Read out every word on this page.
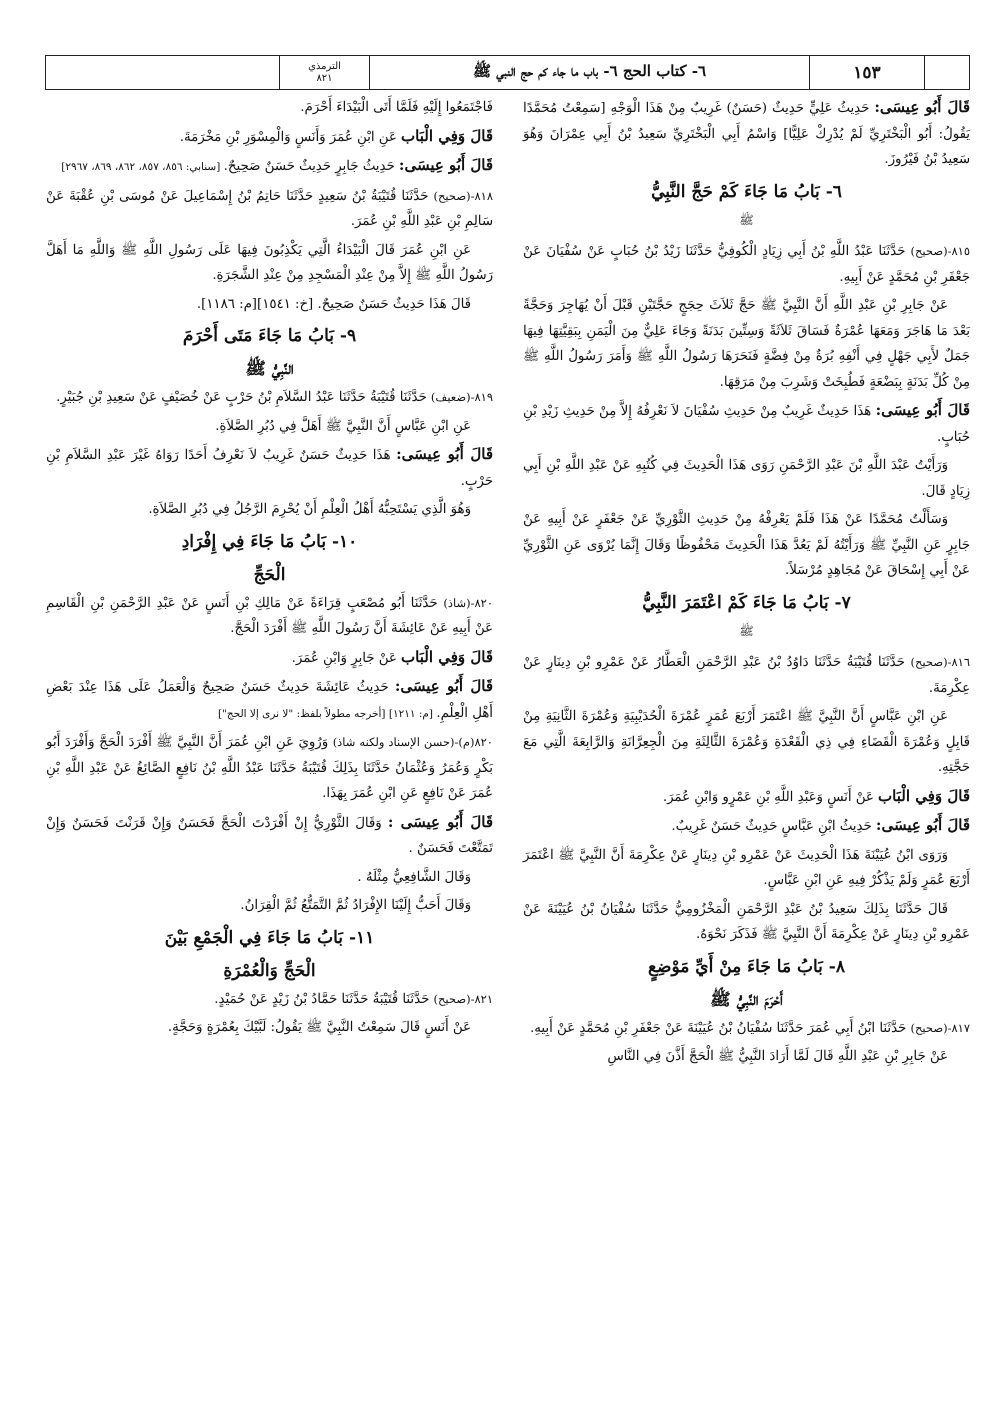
١٥٣
٦- كتاب الحج ٦- باب ما جاء كم حج النبي ﷺ
الترمذي
٨٢١
قَالَ أَبُو عِيسَى: حَدِيثُ عَلِيٍّ حَدِيثٌ (حَسَنٌ) غَرِيبٌ مِنْ هَذَا الْوَجْهِ [سَمِعْتُ مُحَمَّدًا يَقُولُ: أَبُو الْبَخْتَرِيِّ لَمْ يُدْرِكْ عَلِيًّا] وَاسْمُ أَبِي الْبَخْتَرِيِّ سَعِيدُ بْنُ أَبِي عِمْرَانَ وَهُوَ سَعِيدُ بْنُ فَيْرُوزَ.
٦- بَابُ مَا جَاءَ كَمْ حَجَّ النَّبِيُّ
ﷺ
٨١٥-(صحيح) حَدَّثَنَا عَبْدُ اللَّهِ بْنُ أَبِي زِيَادٍ الْكُوفِيُّ حَدَّثَنَا زَيْدُ بْنُ حُبَابٍ عَنْ سُفْيَانَ عَنْ جَعْفَرِ بْنِ مُحَمَّدٍ عَنْ أَبِيهِ.
عَنْ جَابِرِ بْنِ عَبْدِ اللَّهِ أَنَّ النَّبِيَّ ﷺ حَجَّ ثَلاَثَ حِجَجٍ حَجَّتَيْنِ قَبْلَ أَنْ يُهَاجِرَ وَحَجَّةً بَعْدَ مَا هَاجَرَ وَمَعَهَا عُمْرَةٌ فَسَاقَ ثَلاَثَةً وَسِتِّينَ بَدَنَةً وَجَاءَ عَلِيٌّ مِنَ الْيَمَنِ بِبَقِيَّتِهَا فِيهَا جَمَلٌ لأَبِي جَهْلٍ فِي أَنْفِهِ بُرَةٌ مِنْ فِضَّةٍ فَنَحَرَهَا رَسُولُ اللَّهِ ﷺ وَأَمَرَ رَسُولُ اللَّهِ ﷺ مِنْ كُلِّ بَدَنَةٍ بِبَضْعَةٍ فَطُبِخَتْ وَشَرِبَ مِنْ مَرَقِهَا.
قَالَ أَبُو عِيسَى: هَذَا حَدِيثٌ غَرِيبٌ مِنْ حَدِيثِ سُفْيَانَ لاَ نَعْرِفُهُ إِلاَّ مِنْ حَدِيثِ زَيْدِ بْنِ حُبَابٍ.
وَرَأَيْتُ عَبْدَ اللَّهِ بْنَ عَبْدِ الرَّحْمَنِ رَوَى هَذَا الْحَدِيثَ فِي كُتُبِهِ عَنْ عَبْدِ اللَّهِ بْنِ أَبِي زِيَادٍ قَالَ.
وَسَأَلْتُ مُحَمَّدًا عَنْ هَذَا فَلَمْ يَعْرِفْهُ مِنْ حَدِيثِ الثَّوْرِيِّ عَنْ جَعْفَرٍ عَنْ أَبِيهِ عَنْ جَابِرٍ عَنِ النَّبِيِّ ﷺ وَرَأَيْتُهُ لَمْ يَعُدَّ هَذَا الْحَدِيثَ مَحْفُوظًا وَقَالَ إِنَّمَا يُرْوَى عَنِ الثَّوْرِيِّ عَنْ أَبِي إِسْحَاقَ عَنْ مُجَاهِدٍ مُرْسَلاً.
٧- بَابُ مَا جَاءَ كَمْ اعْتَمَرَ النَّبِيُّ
ﷺ
٨١٦-(صحيح) حَدَّثَنَا قُتَيْبَةُ حَدَّثَنَا دَاوُدُ بْنُ عَبْدِ الرَّحْمَنِ الْعَطَّارُ عَنْ عَمْرِو بْنِ دِينَارٍ عَنْ عِكْرِمَةَ.
عَنِ ابْنِ عَبَّاسٍ أَنَّ النَّبِيَّ ﷺ اعْتَمَرَ أَرْبَعَ عُمَرٍ عُمْرَةَ الْحُدَيْبِيَةِ وَعُمْرَةَ الثَّانِيَةِ مِنْ قَابِلٍ وَعُمْرَةَ الْقَضَاءِ فِي ذِي الْقَعْدَةِ وَعُمْرَةَ الثَّالِثَةِ مِنَ الْجِعِرَّانَةِ وَالرَّابِعَةَ الَّتِي مَعَ حَجَّتِهِ.
قَالَ وَفِي الْبَاب عَنْ أَنَسٍ وَعَبْدِ اللَّهِ بْنِ عَمْرٍو وَابْنِ عُمَرَ.
قَالَ أَبُو عِيسَى: حَدِيثُ ابْنِ عَبَّاسٍ حَدِيثٌ حَسَنٌ غَرِيبٌ.
وَرَوَى ابْنُ عُيَيْنَةَ هَذَا الْحَدِيثَ عَنْ عَمْرِو بْنِ دِينَارٍ عَنْ عِكْرِمَةَ أَنَّ النَّبِيَّ ﷺ اعْتَمَرَ أَرْبَعَ عُمَرٍ وَلَمْ يَذْكُرْ فِيهِ عَنِ ابْنِ عَبَّاسٍ.
قَالَ حَدَّثَنَا بِذَلِكَ سَعِيدُ بْنُ عَبْدِ الرَّحْمَنِ الْمَخْزُومِيُّ حَدَّثَنَا سُفْيَانُ بْنُ عُيَيْنَةَ عَنْ عَمْرِو بْنِ دِينَارٍ عَنْ عِكْرِمَةَ أَنَّ النَّبِيَّ ﷺ فَذَكَرَ نَحْوَهُ.
٨- بَابُ مَا جَاءَ مِنْ أَيِّ مَوْضِعٍ
أَحْرَمَ النَّبِيُّ ﷺ
٨١٧-(صحيح) حَدَّثَنَا ابْنُ أَبِي عُمَرَ حَدَّثَنَا سُفْيَانُ بْنُ عُيَيْنَةَ عَنْ جَعْفَرِ بْنِ مُحَمَّدٍ عَنْ أَبِيهِ.
عَنْ جَابِرِ بْنِ عَبْدِ اللَّهِ قَالَ لَمَّا أَرَادَ النَّبِيُّ ﷺ الْحَجَّ أَذَّنَ فِي النَّاسِ
فَاجْتَمَعُوا إِلَيْهِ فَلَمَّا أَتَى الْبَيْدَاءَ أَحْرَمَ.
قَالَ وَفِي الْبَاب عَنِ ابْنِ عُمَرَ وَأَنَسٍ وَالْمِسْوَرِ بْنِ مَخْرَمَةَ.
قَالَ أَبُو عِيسَى: حَدِيثُ جَابِرٍ حَدِيثٌ حَسَنٌ صَحِيحٌ. [سنابي: ٨٥٦، ٨٥٧، ٨٦٢، ٨٦٩، ٢٩٦٧]
٨١٨-(صحيح) حَدَّثَنَا قُتَيْبَةُ بْنُ سَعِيدٍ حَدَّثَنَا حَاتِمُ بْنُ إِسْمَاعِيلَ عَنْ مُوسَى بْنِ عُقْبَةَ عَنْ سَالِمِ بْنِ عَبْدِ اللَّهِ بْنِ عُمَرَ.
عَنِ ابْنِ عُمَرَ قَالَ الْبَيْدَاءُ الَّتِي يَكْذِبُونَ فِيهَا عَلَى رَسُولِ اللَّهِ ﷺ وَاللَّهِ مَا أَهَلَّ رَسُولُ اللَّهِ ﷺ إِلاَّ مِنْ عِنْدِ الْمَسْجِدِ مِنْ عِنْدِ الشَّجَرَةِ.
قَالَ هَذَا حَدِيثٌ حَسَنٌ صَحِيحٌ. [خ: ١٥٤١][م: ١١٨٦].
٩- بَابُ مَا جَاءَ مَتَى أَحْرَمَ
النَّبِيُّ ﷺ
٨١٩-(ضعيف) حَدَّثَنَا قُتَيْبَةُ حَدَّثَنَا عَبْدُ السَّلاَمِ بْنُ حَرْبٍ عَنْ خُصَيْفٍ عَنْ سَعِيدِ بْنِ جُبَيْرٍ.
عَنِ ابْنِ عَبَّاسٍ أَنَّ النَّبِيَّ ﷺ أَهَلَّ فِي دُبُرِ الصَّلاَةِ.
قَالَ أَبُو عِيسَى: هَذَا حَدِيثٌ حَسَنٌ غَرِيبٌ لاَ نَعْرِفُ أَحَدًا رَوَاهُ غَيْرَ عَبْدِ السَّلاَمِ بْنِ حَرْبٍ.
وَهُوَ الَّذِي يَسْتَحِبُّهُ أَهْلُ الْعِلْمِ أَنْ يُحْرِمَ الرَّجُلُ فِي دُبُرِ الصَّلاَةِ.
١٠- بَابُ مَا جَاءَ فِي إِفْرَادِ
الْحَجِّ
٨٢٠-(شاذ) حَدَّثَنَا أَبُو مُصْعَبٍ قِرَاءَةً عَنْ مَالِكِ بْنِ أَنَسٍ عَنْ عَبْدِ الرَّحْمَنِ بْنِ الْقَاسِمِ عَنْ أَبِيهِ عَنْ عَائِشَةَ أَنَّ رَسُولَ اللَّهِ ﷺ أَفْرَدَ الْحَجَّ.
قَالَ وَفِي الْبَاب عَنْ جَابِرٍ وَابْنِ عُمَرَ.
قَالَ أَبُو عِيسَى: حَدِيثُ عَائِشَةَ حَدِيثٌ حَسَنٌ صَحِيحٌ وَالْعَمَلُ عَلَى هَذَا عِنْدَ بَعْضِ أَهْلِ الْعِلْمِ. [م: ١٢١١] [أخرجه مطولاً بلفظ: "لا نرى إلا الحج"]
٨٢٠(م)-(حسن الإسناد ولكنه شاذ) وَرُوِيَ عَنِ ابْنِ عُمَرَ أَنَّ النَّبِيَّ ﷺ أَفْرَدَ الْحَجَّ وَأَفْرَدَ أَبُو بَكْرٍ وَعُمَرُ وَعُثْمَانُ حَدَّثَنَا بِذَلِكَ قُتَيْبَةُ حَدَّثَنَا عَبْدُ اللَّهِ بْنُ نَافِعٍ الصَّائِغُ عَنْ عَبْدِ اللَّهِ بْنِ عُمَرَ عَنْ نَافِعٍ عَنِ ابْنِ عُمَرَ بِهَذَا.
قَالَ أَبُو عِيسَى : وَقَالَ الثَّوْرِيُّ إِنْ أَفْرَدْتَ الْحَجَّ فَحَسَنٌ وَإِنْ قَرَنْتَ فَحَسَنٌ وَإِنْ تَمَتَّعْتَ فَحَسَنٌ .
وَقَالَ الشَّافِعِيُّ مِثْلَهُ .
وَقَالَ أَحَبُّ إِلَيْنَا الإِفْرَادُ ثُمَّ التَّمَتُّعُ ثُمَّ الْقِرَانُ.
١١- بَابُ مَا جَاءَ فِي الْجَمْعِ بَيْنَ
الْحَجِّ وَالْعُمْرَةِ
٨٢١-(صحيح) حَدَّثَنَا قُتَيْبَةُ حَدَّثَنَا حَمَّادُ بْنُ زَيْدٍ عَنْ حُمَيْدٍ.
عَنْ أَنَسٍ قَالَ سَمِعْتُ النَّبِيَّ ﷺ يَقُولُ: لَبَّيْكَ بِعُمْرَةٍ وَحَجَّةٍ.
